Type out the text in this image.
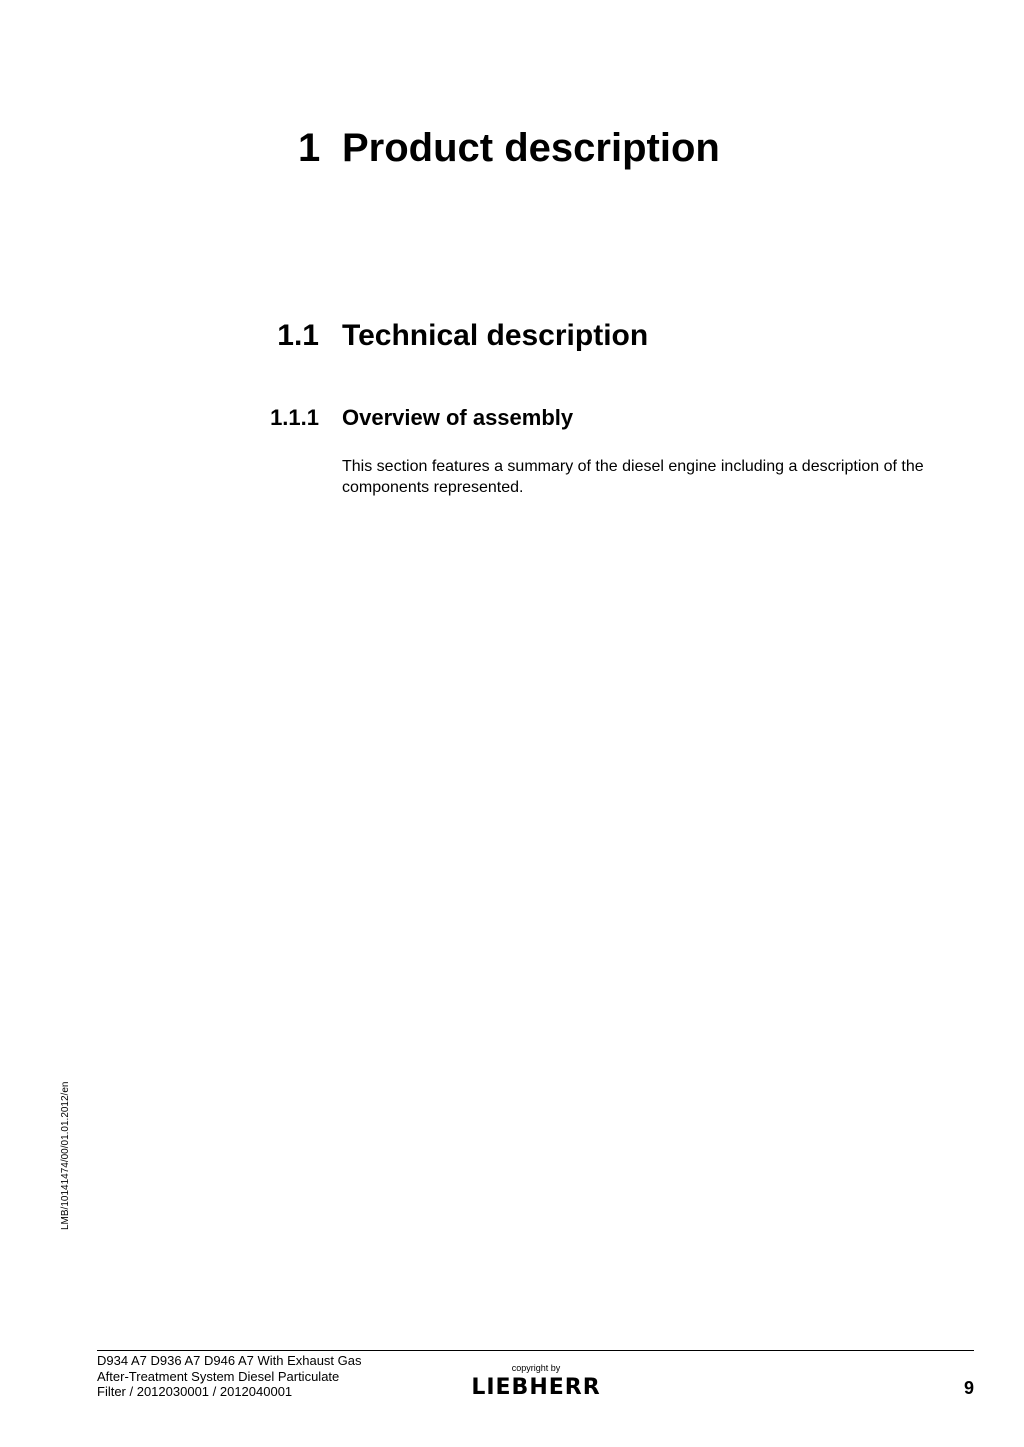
1 Product description
1.1 Technical description
1.1.1 Overview of assembly

This section features a summary of the diesel engine including a description of the components represented.

LMB/10141474/00/01.01.2012/en
D934 A7 D936 A7 D946 A7 With Exhaust Gas
After-Treatment System Diesel Particulate
Filter / 2012030001 / 2012040001
copyright by
LIEBHERR	9
